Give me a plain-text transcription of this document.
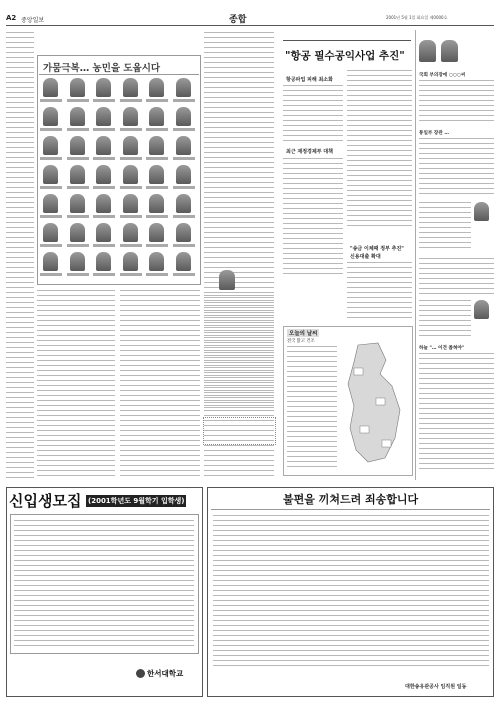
A2 중앙일보	종합	2001년 5월 1일 화요일 제0000호
가뭄극복… 농민을 도웁시다
"항공 필수공익사업 추진"
항공파업 피해 최소화
최근 재정경제부 대책
"송금 이체때 정부 추진"
신용대출 확대
국회 부의장에 ○○○씨
통일부 장관 …
하늘 "… 이견 좁혀야"
오늘의 날씨
전국 맑고 건조
신입생모집 (2001학년도 9월학기 입학생)
한서대학교
불편을 끼쳐드려 죄송합니다
대한송유관공사 임직원 일동
